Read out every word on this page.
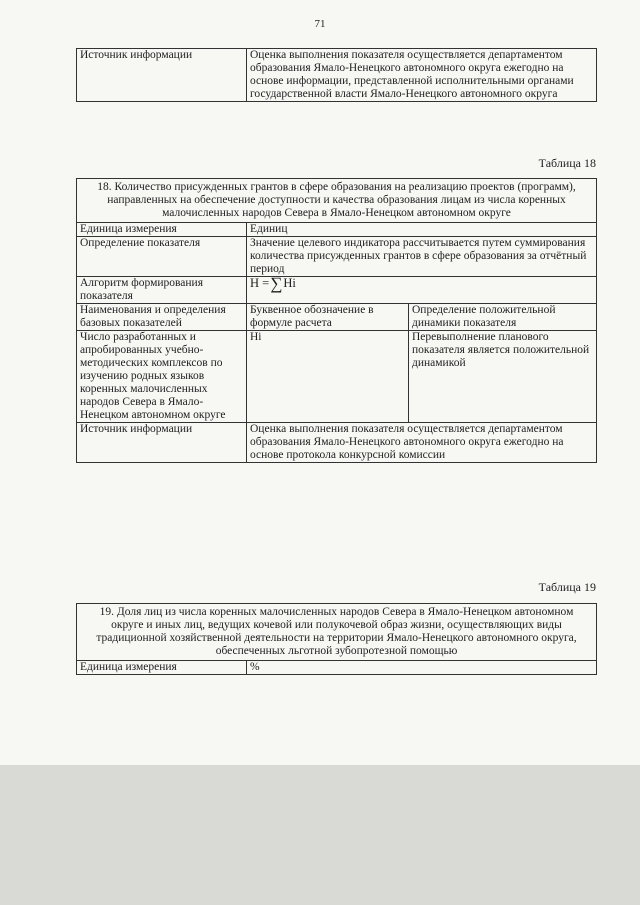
71
Источник информации	Оценка выполнения показателя осуществляется департаментом образования Ямало-Ненецкого автономного округа ежегодно на основе информации, представленной исполнительными органами государственной власти Ямало-Ненецкого автономного округа
Таблица 18
18. Количество присужденных грантов в сфере образования на реализацию проектов (программ), направленных на обеспечение доступности и качества образования лицам из числа коренных малочисленных народов Севера в Ямало-Ненецком автономном округе		
Единица измерения	Единиц	
Определение показателя	Значение целевого индикатора рассчитывается путем суммирования количества присужденных грантов в сфере образования за отчётный период	
Алгоритм формирования показателя	H =∑Hi	
Наименования и определения базовых показателей	Буквенное обозначение в формуле расчета	Определение положительной динамики показателя
Число разработанных и апробированных учебно-методических комплексов по изучению родных языков коренных малочисленных народов Севера в Ямало-Ненецком автономном округе	Hi	Перевыполнение планового показателя является положительной динамикой
Источник информации	Оценка выполнения показателя осуществляется департаментом образования Ямало-Ненецкого автономного округа ежегодно на основе протокола конкурсной комиссии	
Таблица 19
19. Доля лиц из числа коренных малочисленных народов Севера в Ямало-Ненецком автономном округе и иных лиц, ведущих кочевой или полукочевой образ жизни, осуществляющих виды традиционной хозяйственной деятельности на территории Ямало-Ненецкого автономного округа, обеспеченных льготной зубопротезной помощью
Единица измерения	%
